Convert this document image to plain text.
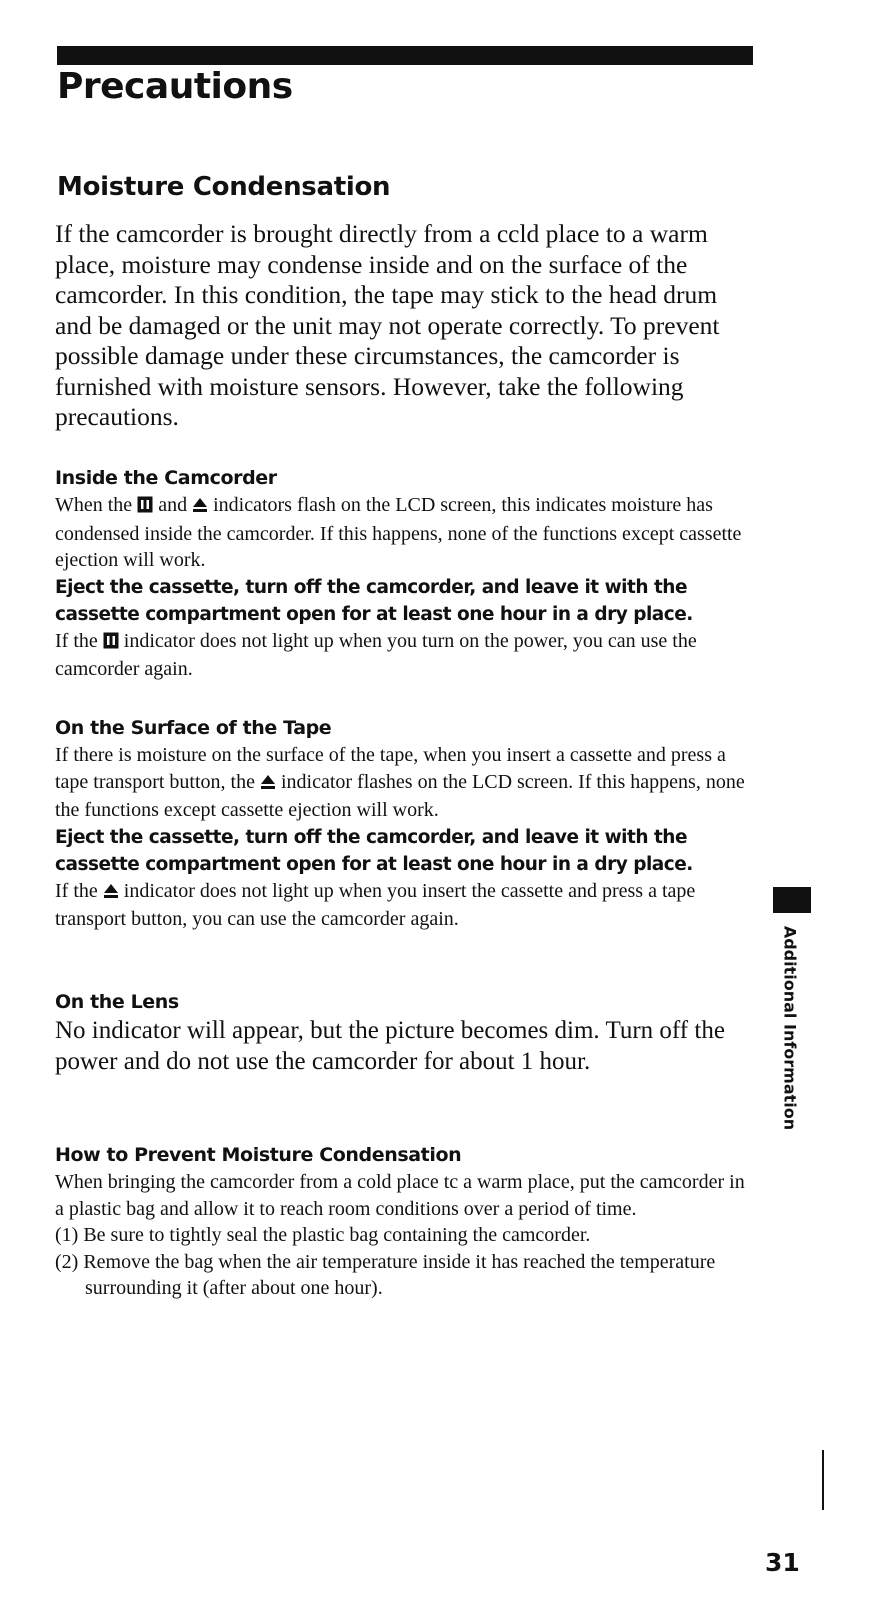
Precautions
Moisture Condensation

If the camcorder is brought directly from a ccld place to a warm place, moisture may condense inside and on the surface of the camcorder. In this condition, the tape may stick to the head drum and be damaged or the unit may not operate correctly. To prevent possible damage under these circumstances, the camcorder is furnished with moisture sensors. However, take the following precautions.

Inside the Camcorder

When the  and  indicators flash on the LCD screen, this indicates moisture has condensed inside the camcorder. If this happens, none of the functions except cassette ejection will work.

Eject the cassette, turn off the camcorder, and leave it with the cassette compartment open for at least one hour in a dry place.

If the  indicator does not light up when you turn on the power, you can use the camcorder again.

On the Surface of the Tape

If there is moisture on the surface of the tape, when you insert a cassette and press a tape transport button, the  indicator flashes on the LCD screen. If this happens, none the functions except cassette ejection will work.

Eject the cassette, turn off the camcorder, and leave it with the cassette compartment open for at least one hour in a dry place.

If the  indicator does not light up when you insert the cassette and press a tape transport button, you can use the camcorder again.

On the Lens

No indicator will appear, but the picture becomes dim. Turn off the power and do not use the camcorder for about 1 hour.

How to Prevent Moisture Condensation

When bringing the camcorder from a cold place tc a warm place, put the camcorder in a plastic bag and allow it to reach room conditions over a period of time.

(1) Be sure to tightly seal the plastic bag containing the camcorder.
(2) Remove the bag when the air temperature inside it has reached the temperature surrounding it (after about one hour).
Additional Information
31
